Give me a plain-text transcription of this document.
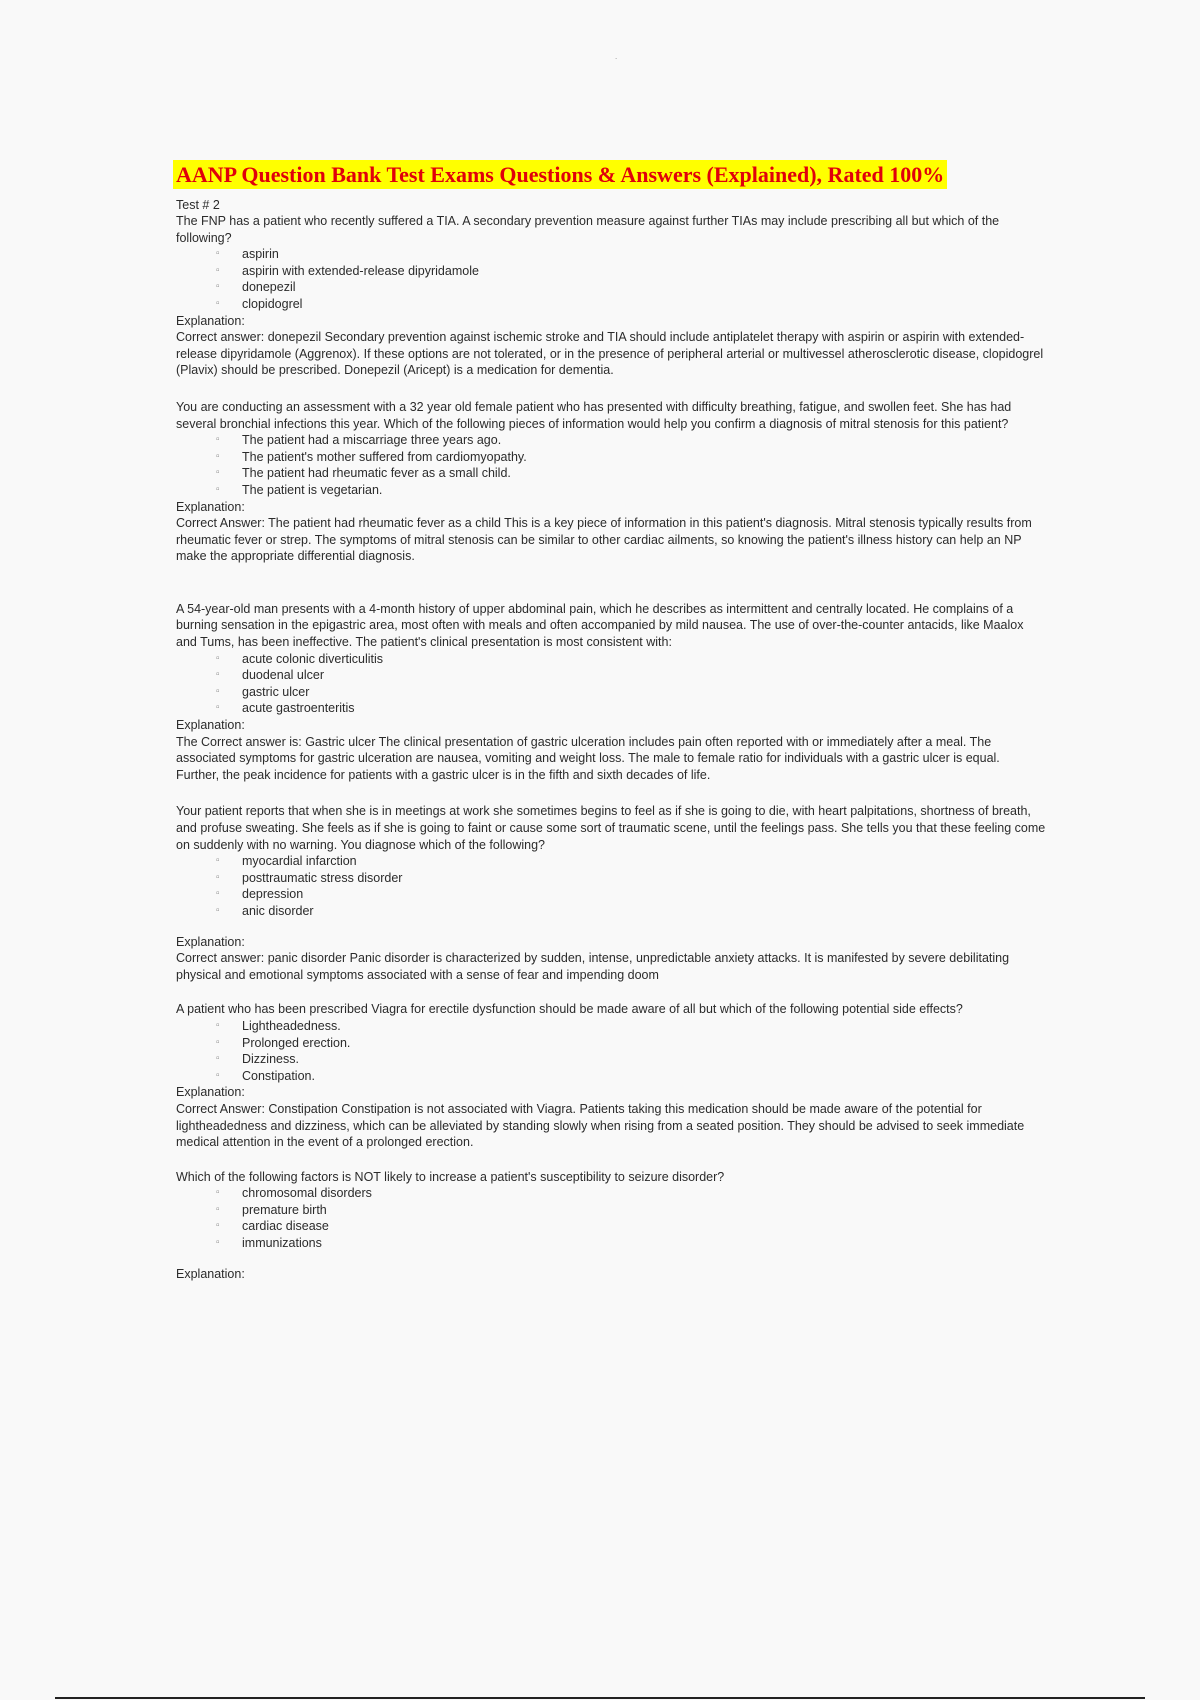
.
AANP Question Bank Test Exams Questions & Answers (Explained), Rated 100%
Test # 2

The FNP has a patient who recently suffered a TIA. A secondary prevention measure against further TIAs may include prescribing all but which of the following?

▫	aspirin
▫	aspirin with extended-release dipyridamole
▫	donepezil
▫	clopidogrel
Explanation:

Correct answer: donepezil Secondary prevention against ischemic stroke and TIA should include antiplatelet therapy with aspirin or aspirin with extended-release dipyridamole (Aggrenox). If these options are not tolerated, or in the presence of peripheral arterial or multivessel atherosclerotic disease, clopidogrel (Plavix) should be prescribed. Donepezil (Aricept) is a medication for dementia.

You are conducting an assessment with a 32 year old female patient who has presented with difficulty breathing, fatigue, and swollen feet. She has had several bronchial infections this year. Which of the following pieces of information would help you confirm a diagnosis of mitral stenosis for this patient?

▫	The patient had a miscarriage three years ago.
▫	The patient's mother suffered from cardiomyopathy.
▫	The patient had rheumatic fever as a small child.
▫	The patient is vegetarian.
Explanation:

Correct Answer: The patient had rheumatic fever as a child This is a key piece of information in this patient's diagnosis. Mitral stenosis typically results from rheumatic fever or strep. The symptoms of mitral stenosis can be similar to other cardiac ailments, so knowing the patient's illness history can help an NP make the appropriate differential diagnosis.

A 54-year-old man presents with a 4-month history of upper abdominal pain, which he describes as intermittent and centrally located. He complains of a burning sensation in the epigastric area, most often with meals and often accompanied by mild nausea. The use of over-the-counter antacids, like Maalox and Tums, has been ineffective. The patient's clinical presentation is most consistent with:

▫	acute colonic diverticulitis
▫	duodenal ulcer
▫	gastric ulcer
▫	acute gastroenteritis
Explanation:

The Correct answer is: Gastric ulcer The clinical presentation of gastric ulceration includes pain often reported with or immediately after a meal. The associated symptoms for gastric ulceration are nausea, vomiting and weight loss. The male to female ratio for individuals with a gastric ulcer is equal. Further, the peak incidence for patients with a gastric ulcer is in the fifth and sixth decades of life.

Your patient reports that when she is in meetings at work she sometimes begins to feel as if she is going to die, with heart palpitations, shortness of breath, and profuse sweating. She feels as if she is going to faint or cause some sort of traumatic scene, until the feelings pass. She tells you that these feeling come on suddenly with no warning. You diagnose which of the following?

▫	myocardial infarction
▫	posttraumatic stress disorder
▫	depression
▫	anic disorder
Explanation:

Correct answer: panic disorder Panic disorder is characterized by sudden, intense, unpredictable anxiety attacks. It is manifested by severe debilitating physical and emotional symptoms associated with a sense of fear and impending doom

A patient who has been prescribed Viagra for erectile dysfunction should be made aware of all but which of the following potential side effects?

▫	Lightheadedness.
▫	Prolonged erection.
▫	Dizziness.
▫	Constipation.
Explanation:

Correct Answer: Constipation Constipation is not associated with Viagra. Patients taking this medication should be made aware of the potential for lightheadedness and dizziness, which can be alleviated by standing slowly when rising from a seated position. They should be advised to seek immediate medical attention in the event of a prolonged erection.

Which of the following factors is NOT likely to increase a patient's susceptibility to seizure disorder?

▫	chromosomal disorders
▫	premature birth
▫	cardiac disease
▫	immunizations
Explanation:
